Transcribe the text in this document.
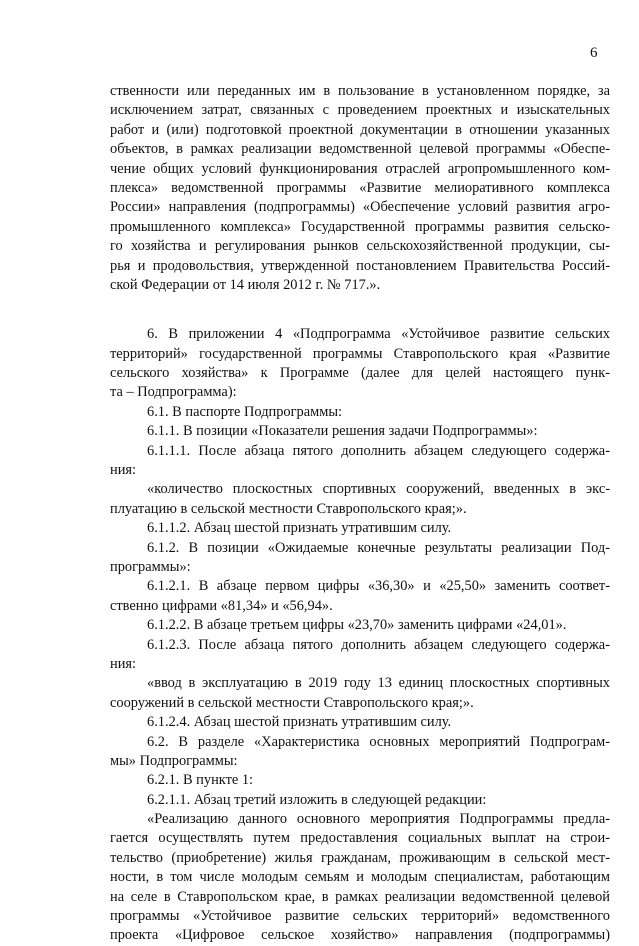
6
ственности или переданных им в пользование в установленном порядке, за
исключением затрат, связанных с проведением проектных и изыскательных
работ и (или) подготовкой проектной документации в отношении указанных
объектов, в рамках реализации ведомственной целевой программы «Обеспе-
чение общих условий функционирования отраслей агропромышленного ком-
плекса» ведомственной программы «Развитие мелиоративного комплекса
России» направления (подпрограммы) «Обеспечение условий развития агро-
промышленного комплекса» Государственной программы развития сельско-
го хозяйства и регулирования рынков сельскохозяйственной продукции, сы-
рья и продовольствия, утвержденной постановлением Правительства Россий-
ской Федерации от 14 июля 2012 г. № 717.».
6. В приложении 4 «Подпрограмма «Устойчивое развитие сельских
территорий» государственной программы Ставропольского края «Развитие
сельского хозяйства» к Программе (далее для целей настоящего пунк-
та – Подпрограмма):
6.1. В паспорте Подпрограммы:
6.1.1. В позиции «Показатели решения задачи Подпрограммы»:
6.1.1.1. После абзаца пятого дополнить абзацем следующего содержа-
ния:
«количество плоскостных спортивных сооружений, введенных в экс-
плуатацию в сельской местности Ставропольского края;».
6.1.1.2. Абзац шестой признать утратившим силу.
6.1.2. В позиции «Ожидаемые конечные результаты реализации Под-
программы»:
6.1.2.1. В абзаце первом цифры «36,30» и «25,50» заменить соответ-
ственно цифрами «81,34» и «56,94».
6.1.2.2. В абзаце третьем цифры «23,70» заменить цифрами «24,01».
6.1.2.3. После абзаца пятого дополнить абзацем следующего содержа-
ния:
«ввод в эксплуатацию в 2019 году 13 единиц плоскостных спортивных
сооружений в сельской местности Ставропольского края;».
6.1.2.4. Абзац шестой признать утратившим силу.
6.2. В разделе «Характеристика основных мероприятий Подпрограм-
мы» Подпрограммы:
6.2.1. В пункте 1:
6.2.1.1. Абзац третий изложить в следующей редакции:
«Реализацию данного основного мероприятия Подпрограммы предла-
гается осуществлять путем предоставления социальных выплат на строи-
тельство (приобретение) жилья гражданам, проживающим в сельской мест-
ности, в том числе молодым семьям и молодым специалистам, работающим
на селе в Ставропольском крае, в рамках реализации ведомственной целевой
программы «Устойчивое развитие сельских территорий» ведомственного
проекта «Цифровое сельское хозяйство» направления (подпрограммы)
